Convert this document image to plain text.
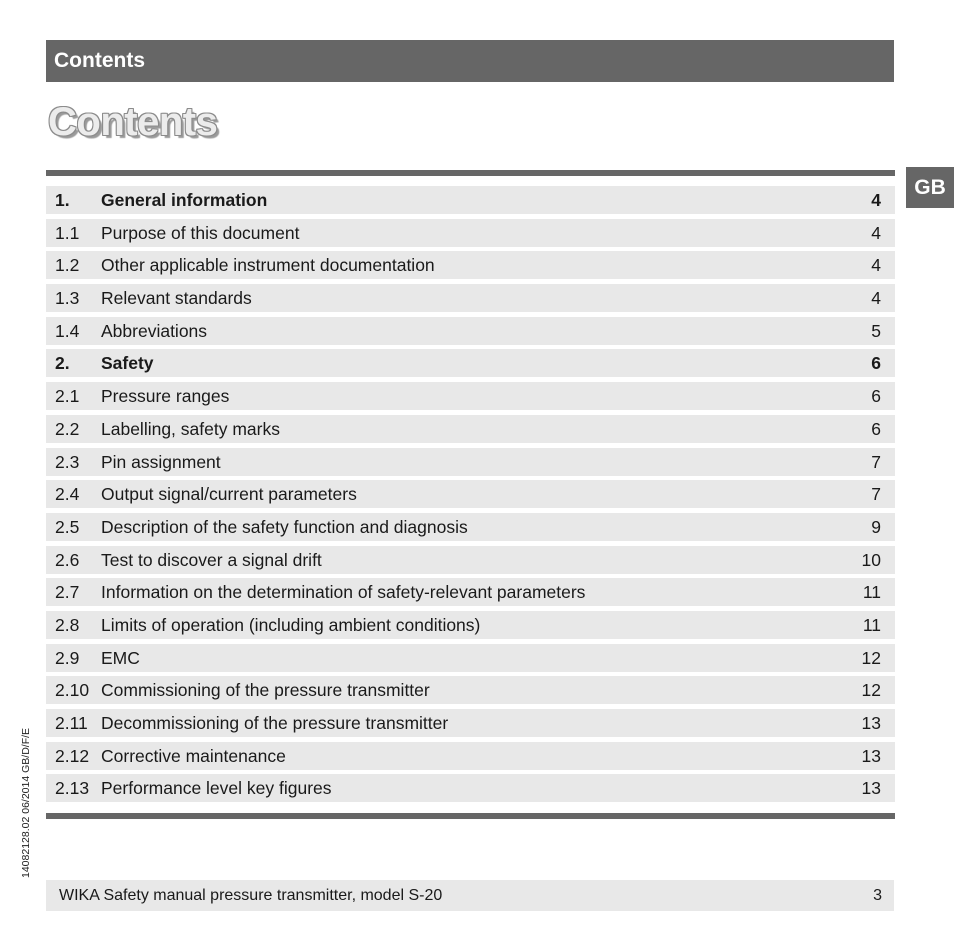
Contents
Contents
GB
1. General information	4
1.1 Purpose of this document	4
1.2 Other applicable instrument documentation	4
1.3 Relevant standards	4
1.4 Abbreviations	5
2. Safety	6
2.1 Pressure ranges	6
2.2 Labelling, safety marks	6
2.3 Pin assignment	7
2.4 Output signal/current parameters	7
2.5 Description of the safety function and diagnosis	9
2.6 Test to discover a signal drift	10
2.7 Information on the determination of safety-relevant parameters	11
2.8 Limits of operation (including ambient conditions)	11
2.9 EMC	12
2.10 Commissioning of the pressure transmitter	12
2.11 Decommissioning of the pressure transmitter	13
2.12 Corrective maintenance	13
2.13 Performance level key figures	13
14082128.02 06/2014 GB/D/F/E
WIKA Safety manual pressure transmitter, model S-20	3
